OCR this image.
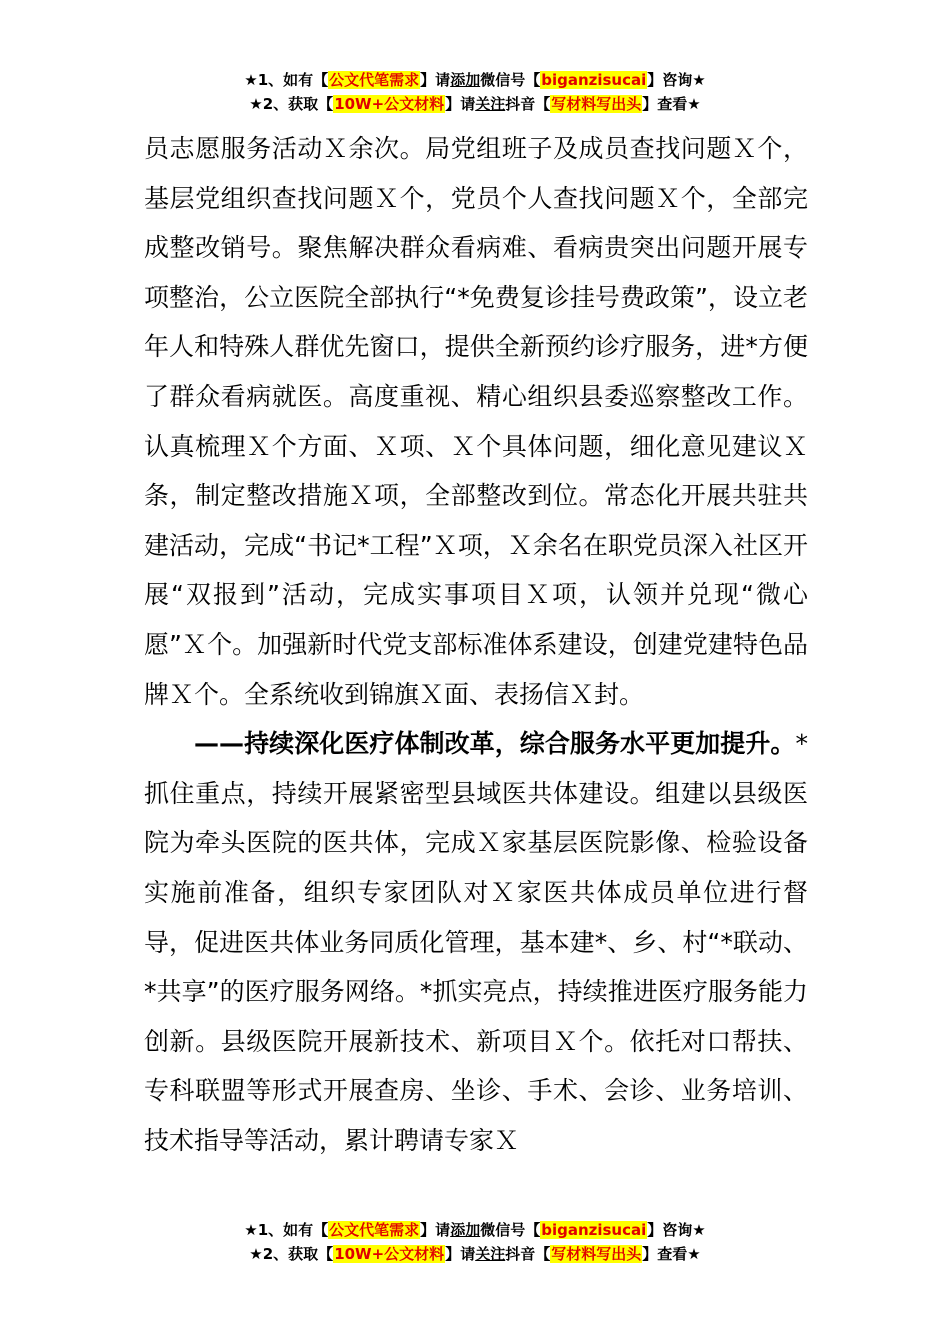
★1、如有【公文代笔需求】请添加微信号【biganzisucai】咨询★
★2、获取【10W+公文材料】请关注抖音【写材料写出头】查看★

员志愿服务活动Ｘ余次。局党组班子及成员查找问题Ｘ个，基层党组织查找问题Ｘ个，党员个人查找问题Ｘ个，全部完成整改销号。聚焦解决群众看病难、看病贵突出问题开展专项整治，公立医院全部执行“*免费复诊挂号费政策”，设立老年人和特殊人群优先窗口，提供全新预约诊疗服务，进*方便了群众看病就医。高度重视、精心组织县委巡察整改工作。认真梳理Ｘ个方面、Ｘ项、Ｘ个具体问题，细化意见建议Ｘ条，制定整改措施Ｘ项，全部整改到位。常态化开展共驻共建活动，完成“书记*工程”Ｘ项，Ｘ余名在职党员深入社区开展“双报到”活动，完成实事项目Ｘ项，认领并兑现“微心愿”Ｘ个。加强新时代党支部标准体系建设，创建党建特色品牌Ｘ个。全系统收到锦旗Ｘ面、表扬信Ｘ封。

——持续深化医疗体制改革，综合服务水平更加提升。*抓住重点，持续开展紧密型县域医共体建设。组建以县级医院为牵头医院的医共体，完成Ｘ家基层医院影像、检验设备实施前准备，组织专家团队对Ｘ家医共体成员单位进行督导，促进医共体业务同质化管理，基本建*、乡、村“*联动、*共享”的医疗服务网络。*抓实亮点，持续推进医疗服务能力创新。县级医院开展新技术、新项目Ｘ个。依托对口帮扶、专科联盟等形式开展查房、坐诊、手术、会诊、业务培训、技术指导等活动，累计聘请专家Ｘ

★1、如有【公文代笔需求】请添加微信号【biganzisucai】咨询★
★2、获取【10W+公文材料】请关注抖音【写材料写出头】查看★
